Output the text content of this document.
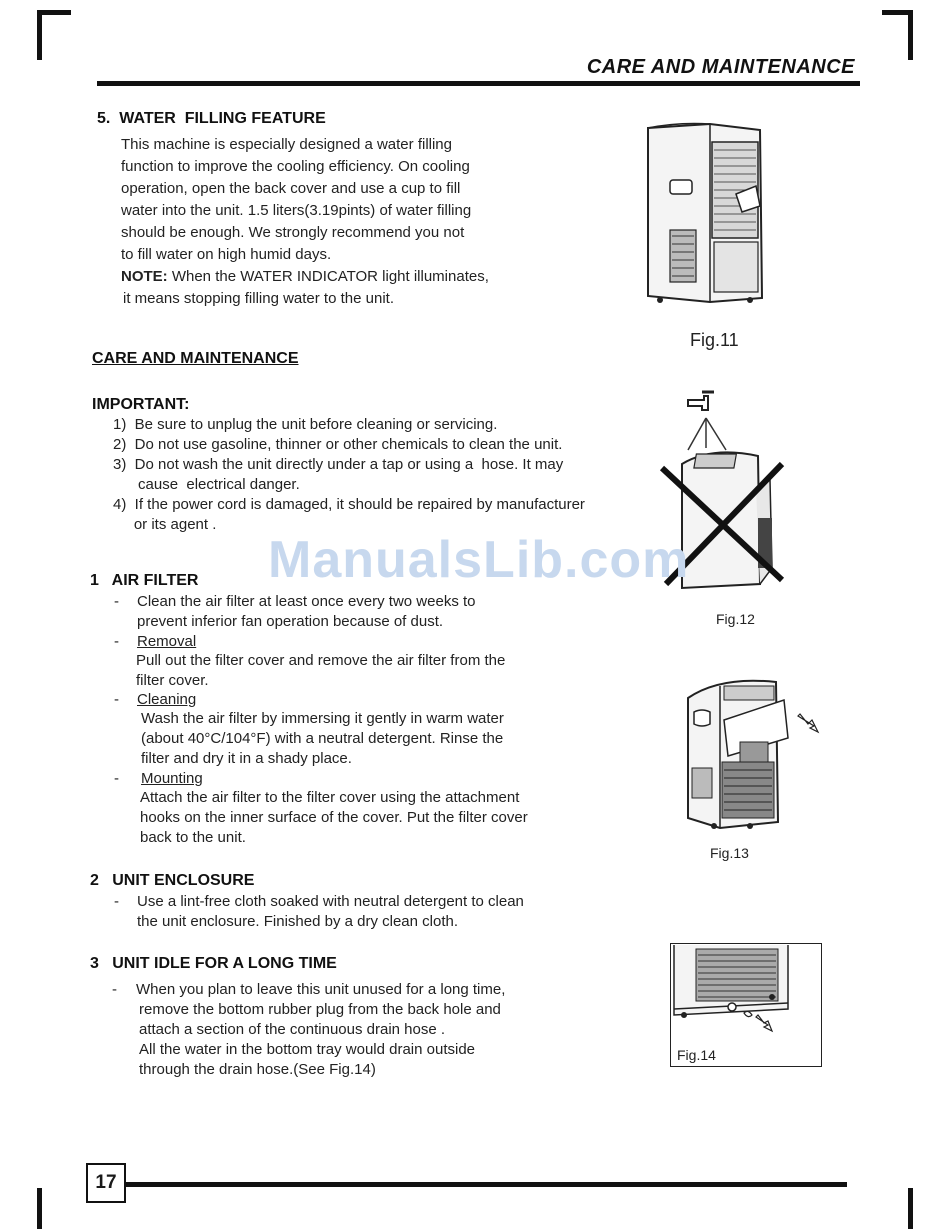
CARE AND MAINTENANCE
5.  WATER  FILLING FEATURE
This machine is especially designed a water filling
function to improve the cooling efficiency. On cooling
operation, open the back cover and use a cup to fill
water into the unit. 1.5 liters(3.19pints) of water filling
should be enough. We strongly recommend you not
to fill water on high humid days.
NOTE: When the WATER INDICATOR light illuminates,
it means stopping filling water to the unit.
Fig.11
CARE AND MAINTENANCE
IMPORTANT:
1)  Be sure to unplug the unit before cleaning or servicing.
2)  Do not use gasoline, thinner or other chemicals to clean the unit.
3)  Do not wash the unit directly under a tap or using a  hose. It may
cause  electrical danger.
4)  If the power cord is damaged, it should be repaired by manufacturer
or its agent .
Fig.12
ManualsLib.com
1   AIR FILTER
- Clean the air filter at least once every two weeks to
prevent inferior fan operation because of dust.
- Removal
Pull out the filter cover and remove the air filter from the
filter cover.
- Cleaning
Wash the air filter by immersing it gently in warm water
(about 40°C/104°F) with a neutral detergent. Rinse the
filter and dry it in a shady place.
- Mounting
Attach the air filter to the filter cover using the attachment
hooks on the inner surface of the cover. Put the filter cover
back to the unit.
Fig.13
2   UNIT ENCLOSURE
- Use a lint-free cloth soaked with neutral detergent to clean
the unit enclosure. Finished by a dry clean cloth.
3   UNIT IDLE FOR A LONG TIME
- When you plan to leave this unit unused for a long time,
remove the bottom rubber plug from the back hole and
attach a section of the continuous drain hose .
All the water in the bottom tray would drain outside
through the drain hose.(See Fig.14)
Fig.14
17
